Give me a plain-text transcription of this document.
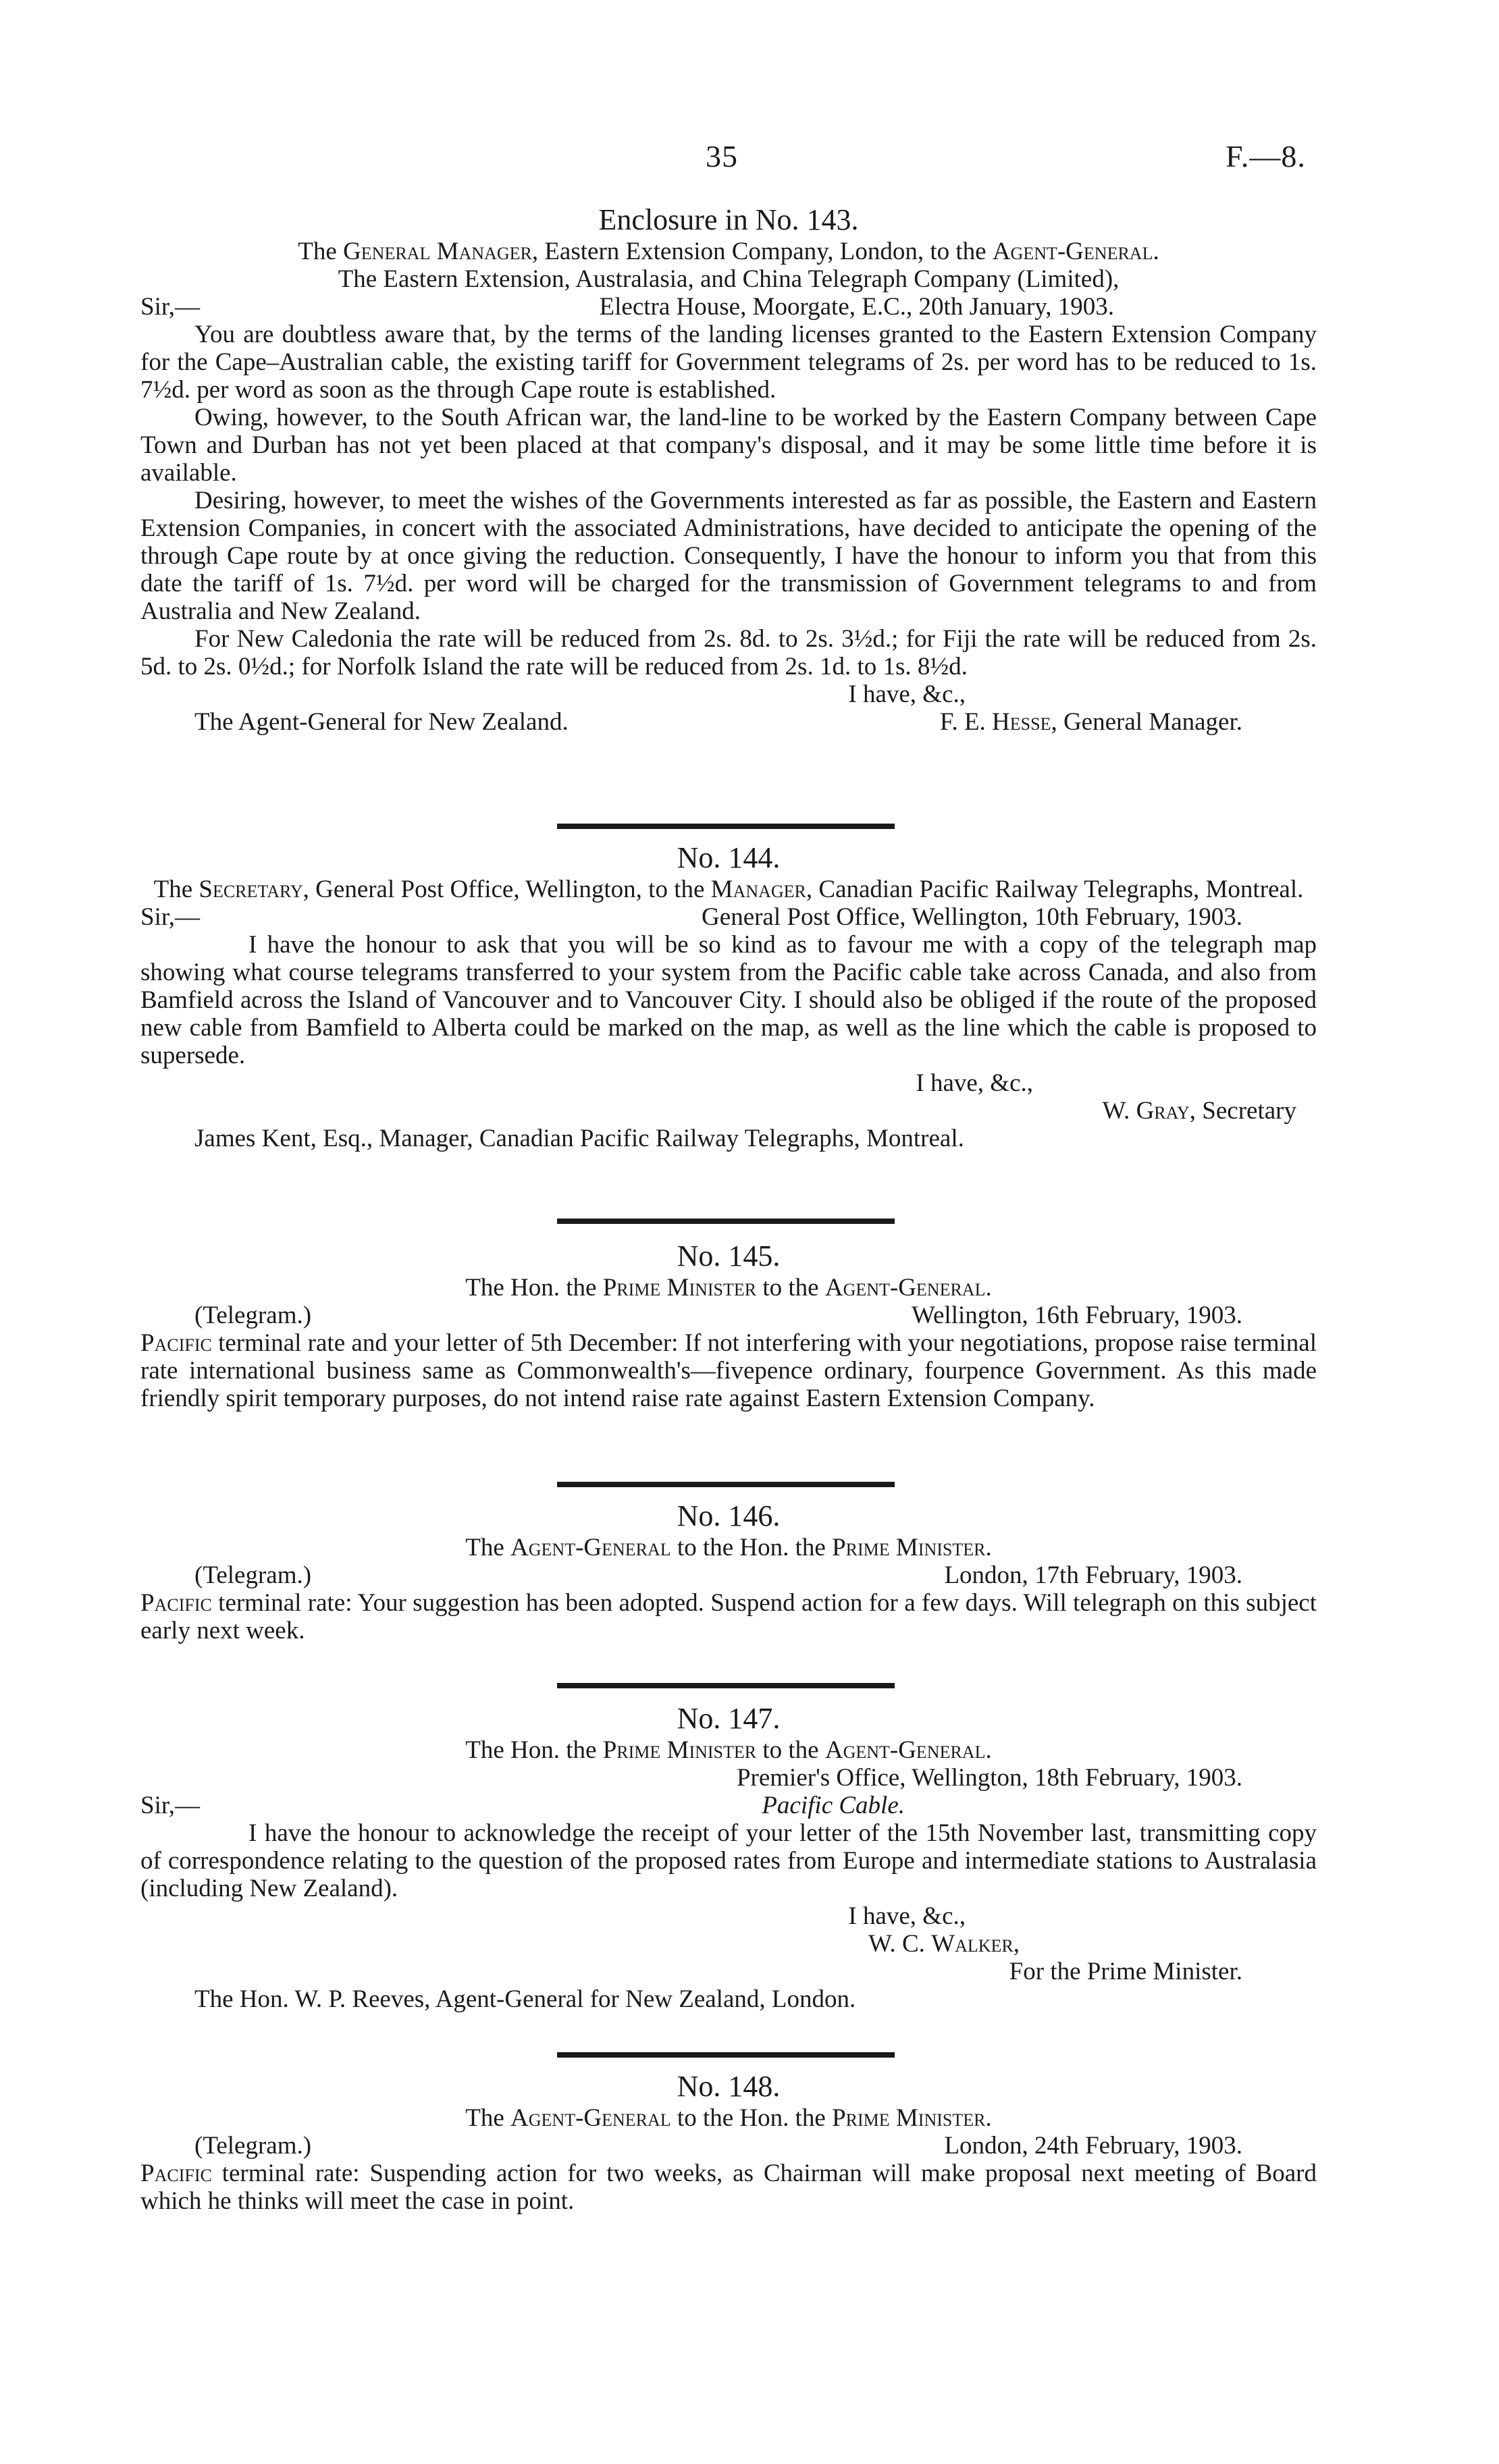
35	F.—8.

Enclosure in No. 143.

The General Manager, Eastern Extension Company, London, to the Agent-General.

The Eastern Extension, Australasia, and China Telegraph Company (Limited),

Sir,—	Electra House, Moorgate, E.C., 20th January, 1903.

You are doubtless aware that, by the terms of the landing licenses granted to the Eastern Extension Company for the Cape–Australian cable, the existing tariff for Government telegrams of 2s. per word has to be reduced to 1s. 7½d. per word as soon as the through Cape route is established.

Owing, however, to the South African war, the land-line to be worked by the Eastern Company between Cape Town and Durban has not yet been placed at that company's disposal, and it may be some little time before it is available.

Desiring, however, to meet the wishes of the Governments interested as far as possible, the Eastern and Eastern Extension Companies, in concert with the associated Administrations, have decided to anticipate the opening of the through Cape route by at once giving the reduction. Consequently, I have the honour to inform you that from this date the tariff of 1s. 7½d. per word will be charged for the transmission of Government telegrams to and from Australia and New Zealand.

For New Caledonia the rate will be reduced from 2s. 8d. to 2s. 3½d.; for Fiji the rate will be reduced from 2s. 5d. to 2s. 0½d.; for Norfolk Island the rate will be reduced from 2s. 1d. to 1s. 8½d.

I have, &c.,

The Agent-General for New Zealand.	F. E. Hesse, General Manager.

No. 144.

The Secretary, General Post Office, Wellington, to the Manager, Canadian Pacific Railway Telegraphs, Montreal.

Sir,—	General Post Office, Wellington, 10th February, 1903.

I have the honour to ask that you will be so kind as to favour me with a copy of the telegraph map showing what course telegrams transferred to your system from the Pacific cable take across Canada, and also from Bamfield across the Island of Vancouver and to Vancouver City. I should also be obliged if the route of the proposed new cable from Bamfield to Alberta could be marked on the map, as well as the line which the cable is proposed to supersede.

I have, &c.,

W. Gray, Secretary

James Kent, Esq., Manager, Canadian Pacific Railway Telegraphs, Montreal.

No. 145.

The Hon. the Prime Minister to the Agent-General.

(Telegram.)	Wellington, 16th February, 1903.

Pacific terminal rate and your letter of 5th December: If not interfering with your negotiations, propose raise terminal rate international business same as Commonwealth's—fivepence ordinary, fourpence Government. As this made friendly spirit temporary purposes, do not intend raise rate against Eastern Extension Company.

No. 146.

The Agent-General to the Hon. the Prime Minister.

(Telegram.)	London, 17th February, 1903.

Pacific terminal rate: Your suggestion has been adopted. Suspend action for a few days. Will telegraph on this subject early next week.

No. 147.

The Hon. the Prime Minister to the Agent-General.

Premier's Office, Wellington, 18th February, 1903.

Sir,—	Pacific Cable.

I have the honour to acknowledge the receipt of your letter of the 15th November last, transmitting copy of correspondence relating to the question of the proposed rates from Europe and intermediate stations to Australasia (including New Zealand).

I have, &c.,

W. C. Walker,

For the Prime Minister.

The Hon. W. P. Reeves, Agent-General for New Zealand, London.

No. 148.

The Agent-General to the Hon. the Prime Minister.

(Telegram.)	London, 24th February, 1903.

Pacific terminal rate: Suspending action for two weeks, as Chairman will make proposal next meeting of Board which he thinks will meet the case in point.
